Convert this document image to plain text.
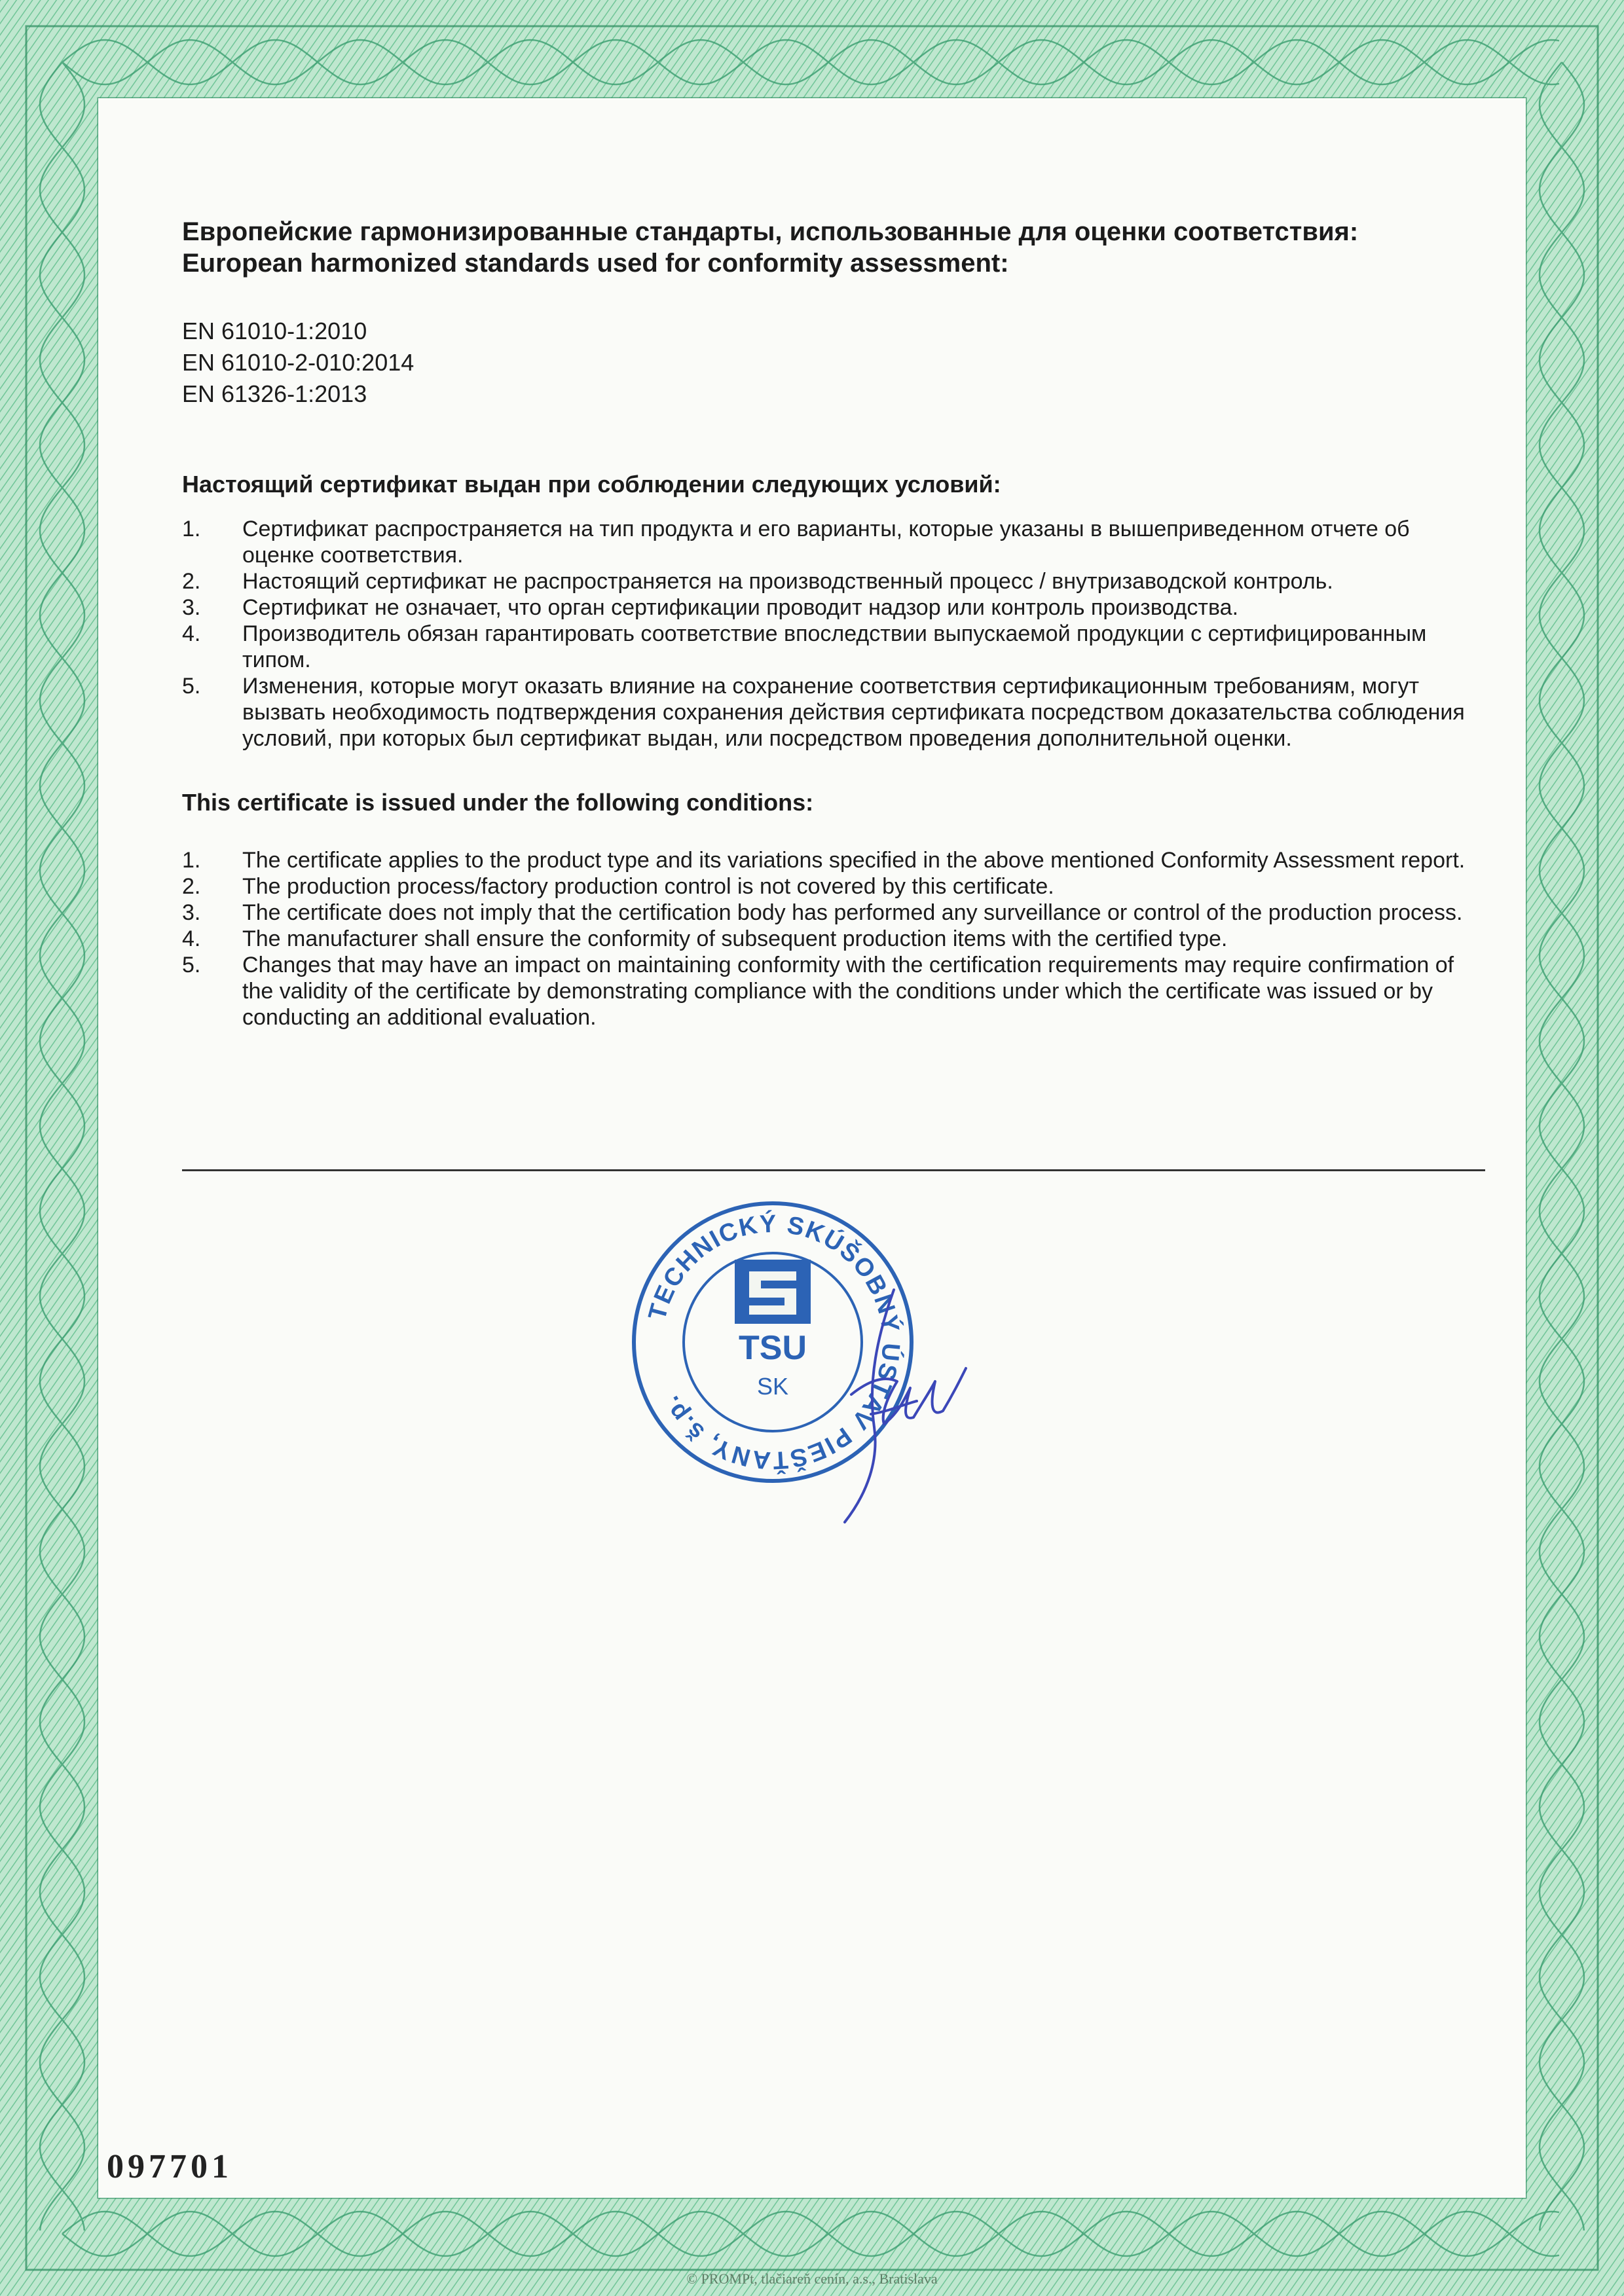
Европейские гармонизированные стандарты, использованные для оценки соответствия:
European harmonized standards used for conformity assessment:
EN 61010-1:2010
EN 61010-2-010:2014
EN 61326-1:2013
Настоящий сертификат выдан при соблюдении следующих условий:
1.	Сертификат распространяется на тип продукта и его варианты, которые указаны в вышеприведенном отчете об оценке соответствия.
2.	Настоящий сертификат не распространяется на производственный процесс / внутризаводской контроль.
3.	Сертификат не означает, что орган сертификации проводит надзор или контроль производства.
4.	Производитель обязан гарантировать соответствие впоследствии выпускаемой продукции с сертифицированным типом.
5.	Изменения, которые могут оказать влияние на сохранение соответствия сертификационным требованиям, могут вызвать необходимость подтверждения сохранения действия сертификата посредством доказательства соблюдения условий, при которых был сертификат выдан, или посредством проведения дополнительной оценки.
This certificate is issued under the following conditions:
1.	The certificate applies to the product type and its variations specified in the above mentioned Conformity Assessment report.
2.	The production process/factory production control is not covered by this certificate.
3.	The certificate does not imply that the certification body has performed any surveillance or control of the production process.
4.	The manufacturer shall ensure the conformity of subsequent production items with the certified type.
5.	Changes that may have an impact on maintaining conformity with the certification requirements may require confirmation of the validity of the certificate by demonstrating compliance with the conditions under which the certificate was issued or by conducting an additional evaluation.
TECHNICKÝ SKÚŠOBNÝ ÚSTAV PIEŠŤANY, š.p.
TSU
SK
097701
© PROMPt, tlačiareň cenín, a.s., Bratislava
